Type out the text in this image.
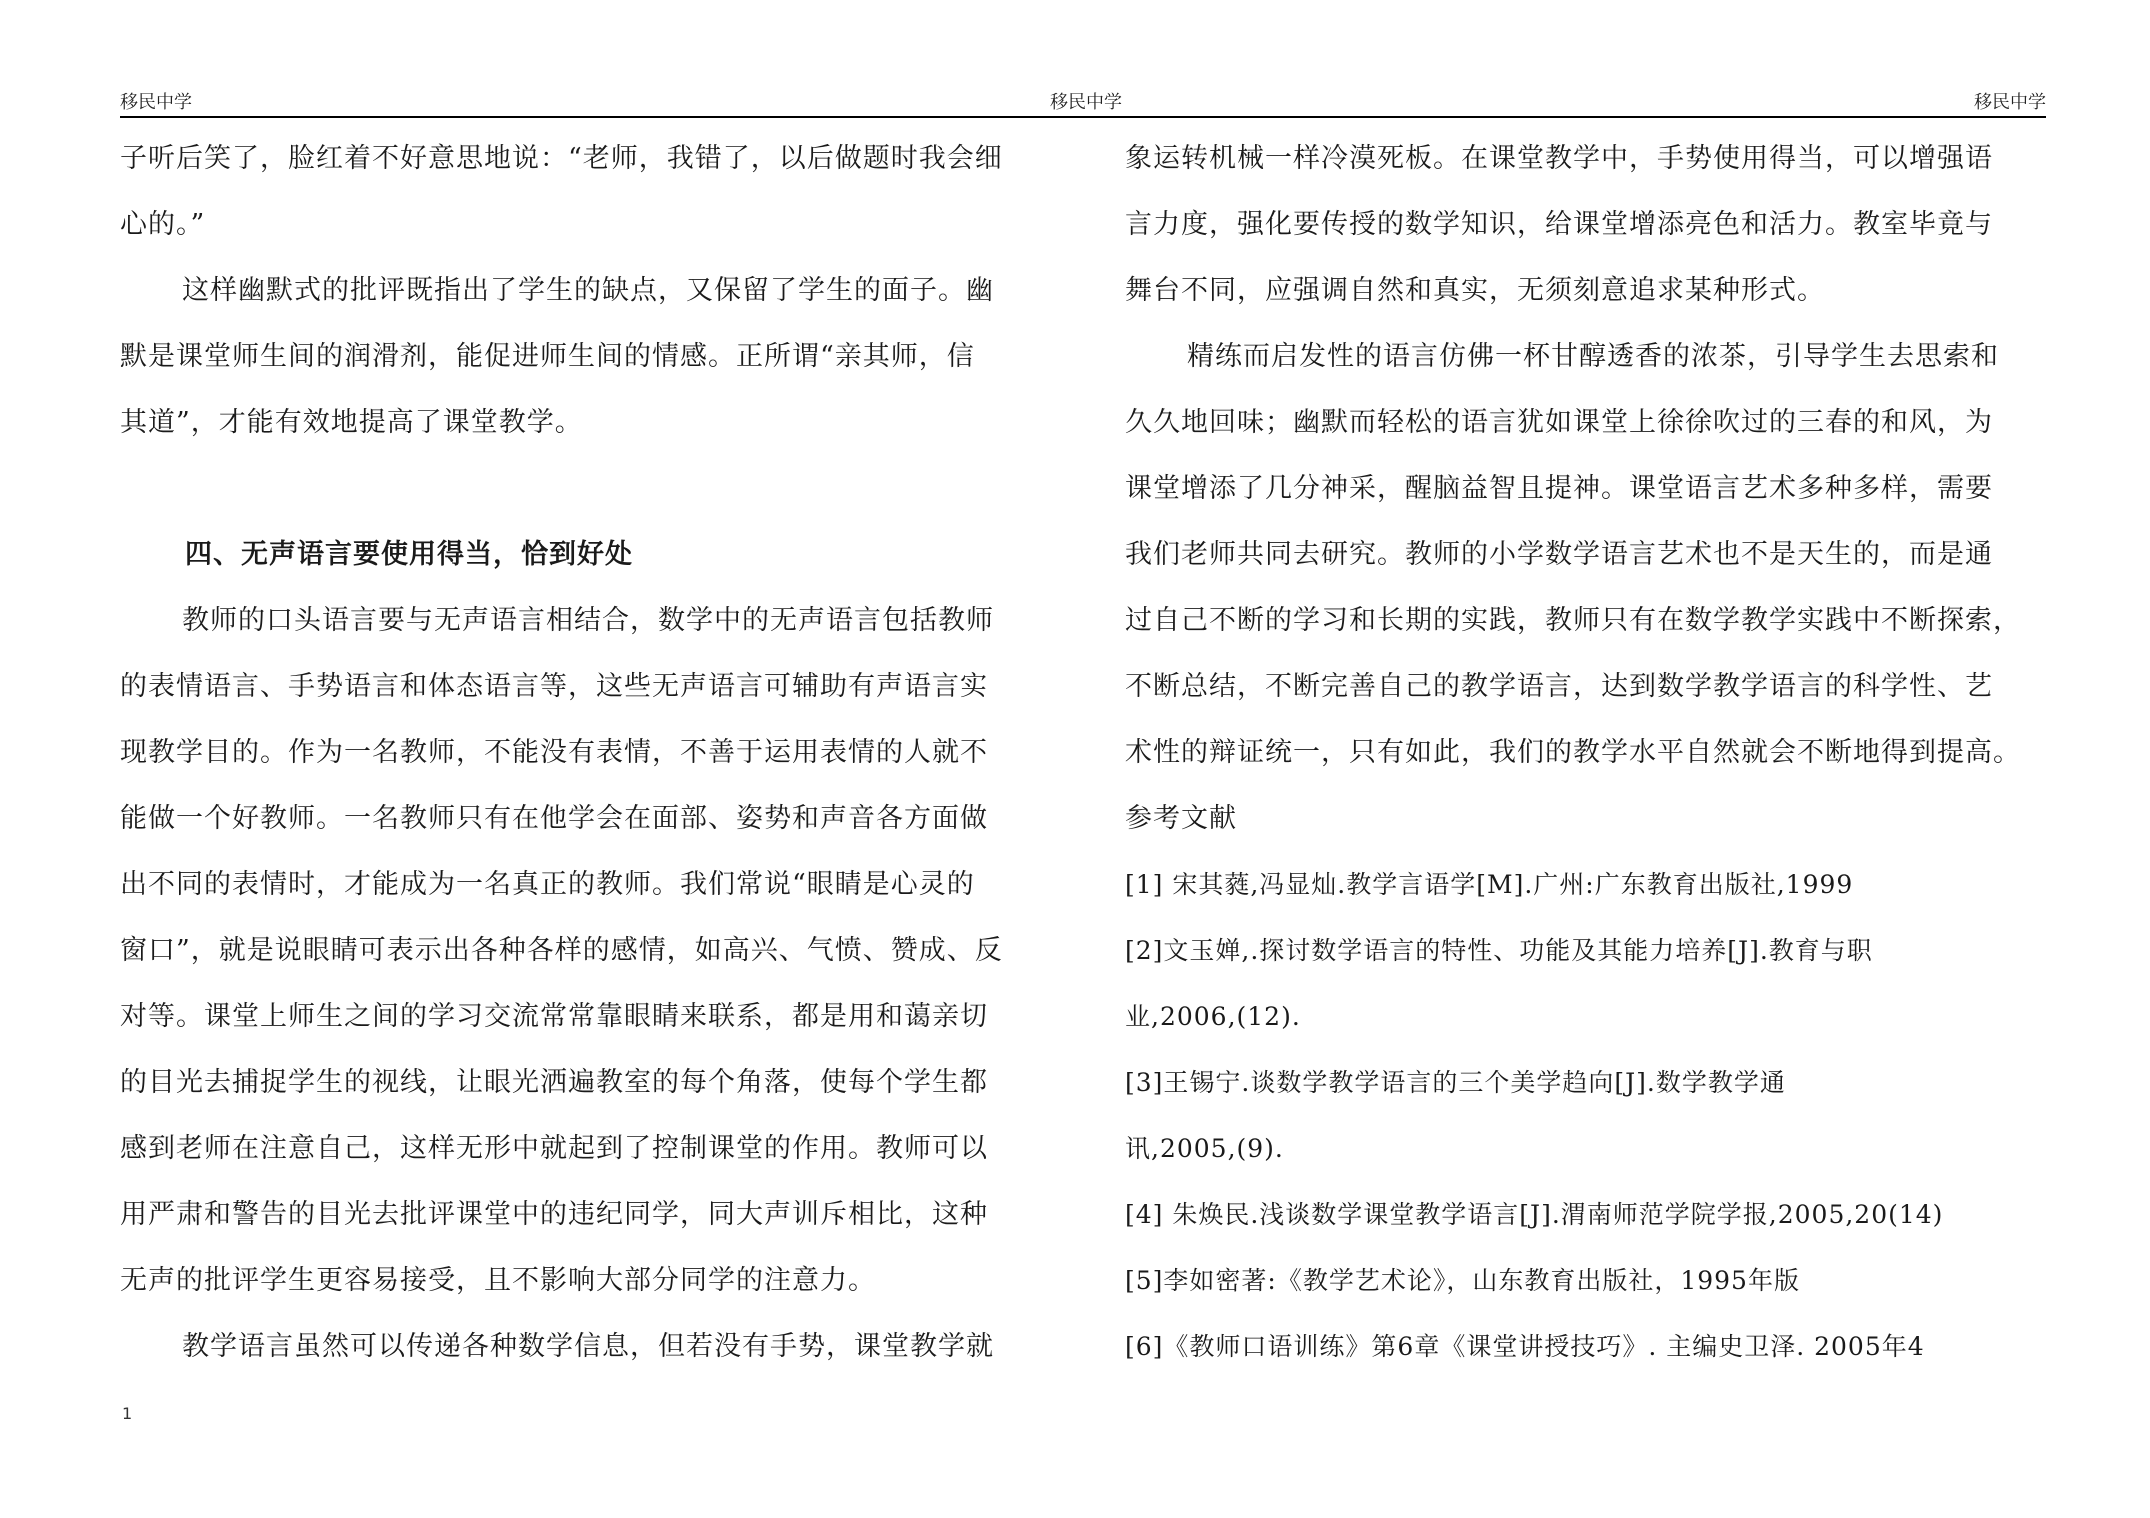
移民中学	移民中学	移民中学

子听后笑了，脸红着不好意思地说：“老师，我错了，以后做题时我会细

心的。”

这样幽默式的批评既指出了学生的缺点，又保留了学生的面子。幽

默是课堂师生间的润滑剂，能促进师生间的情感。正所谓“亲其师，信

其道”，才能有效地提高了课堂教学。

四、无声语言要使用得当，恰到好处

教师的口头语言要与无声语言相结合，数学中的无声语言包括教师

的表情语言、手势语言和体态语言等，这些无声语言可辅助有声语言实

现教学目的。作为一名教师，不能没有表情，不善于运用表情的人就不

能做一个好教师。一名教师只有在他学会在面部、姿势和声音各方面做

出不同的表情时，才能成为一名真正的教师。我们常说“眼睛是心灵的

窗口”，就是说眼睛可表示出各种各样的感情，如高兴、气愤、赞成、反

对等。课堂上师生之间的学习交流常常靠眼睛来联系，都是用和蔼亲切

的目光去捕捉学生的视线，让眼光洒遍教室的每个角落，使每个学生都

感到老师在注意自己，这样无形中就起到了控制课堂的作用。教师可以

用严肃和警告的目光去批评课堂中的违纪同学，同大声训斥相比，这种

无声的批评学生更容易接受，且不影响大部分同学的注意力。

教学语言虽然可以传递各种数学信息，但若没有手势，课堂教学就

象运转机械一样冷漠死板。在课堂教学中，手势使用得当，可以增强语

言力度，强化要传授的数学知识，给课堂增添亮色和活力。教室毕竟与

舞台不同，应强调自然和真实，无须刻意追求某种形式。

精练而启发性的语言仿佛一杯甘醇透香的浓茶，引导学生去思索和

久久地回味；幽默而轻松的语言犹如课堂上徐徐吹过的三春的和风，为

课堂增添了几分神采，醒脑益智且提神。课堂语言艺术多种多样，需要

我们老师共同去研究。教师的小学数学语言艺术也不是天生的，而是通

过自己不断的学习和长期的实践，教师只有在数学教学实践中不断探索，

不断总结，不断完善自己的教学语言，达到数学教学语言的科学性、艺

术性的辩证统一，只有如此，我们的教学水平自然就会不断地得到提高。

参考文献

[1] 宋其蕤,冯显灿.教学言语学[M].广州:广东教育出版社,1999

[2]文玉婵,.探讨数学语言的特性、功能及其能力培养[J].教育与职

业,2006,(12).

[3]王锡宁.谈数学教学语言的三个美学趋向[J].数学教学通

讯,2005,(9).

[4] 朱焕民.浅谈数学课堂教学语言[J].渭南师范学院学报,2005,20(14)

[5]李如密著:《教学艺术论》，山东教育出版社，1995年版

[6]《教师口语训练》第6章《课堂讲授技巧》. 主编史卫泽. 2005年4

1
